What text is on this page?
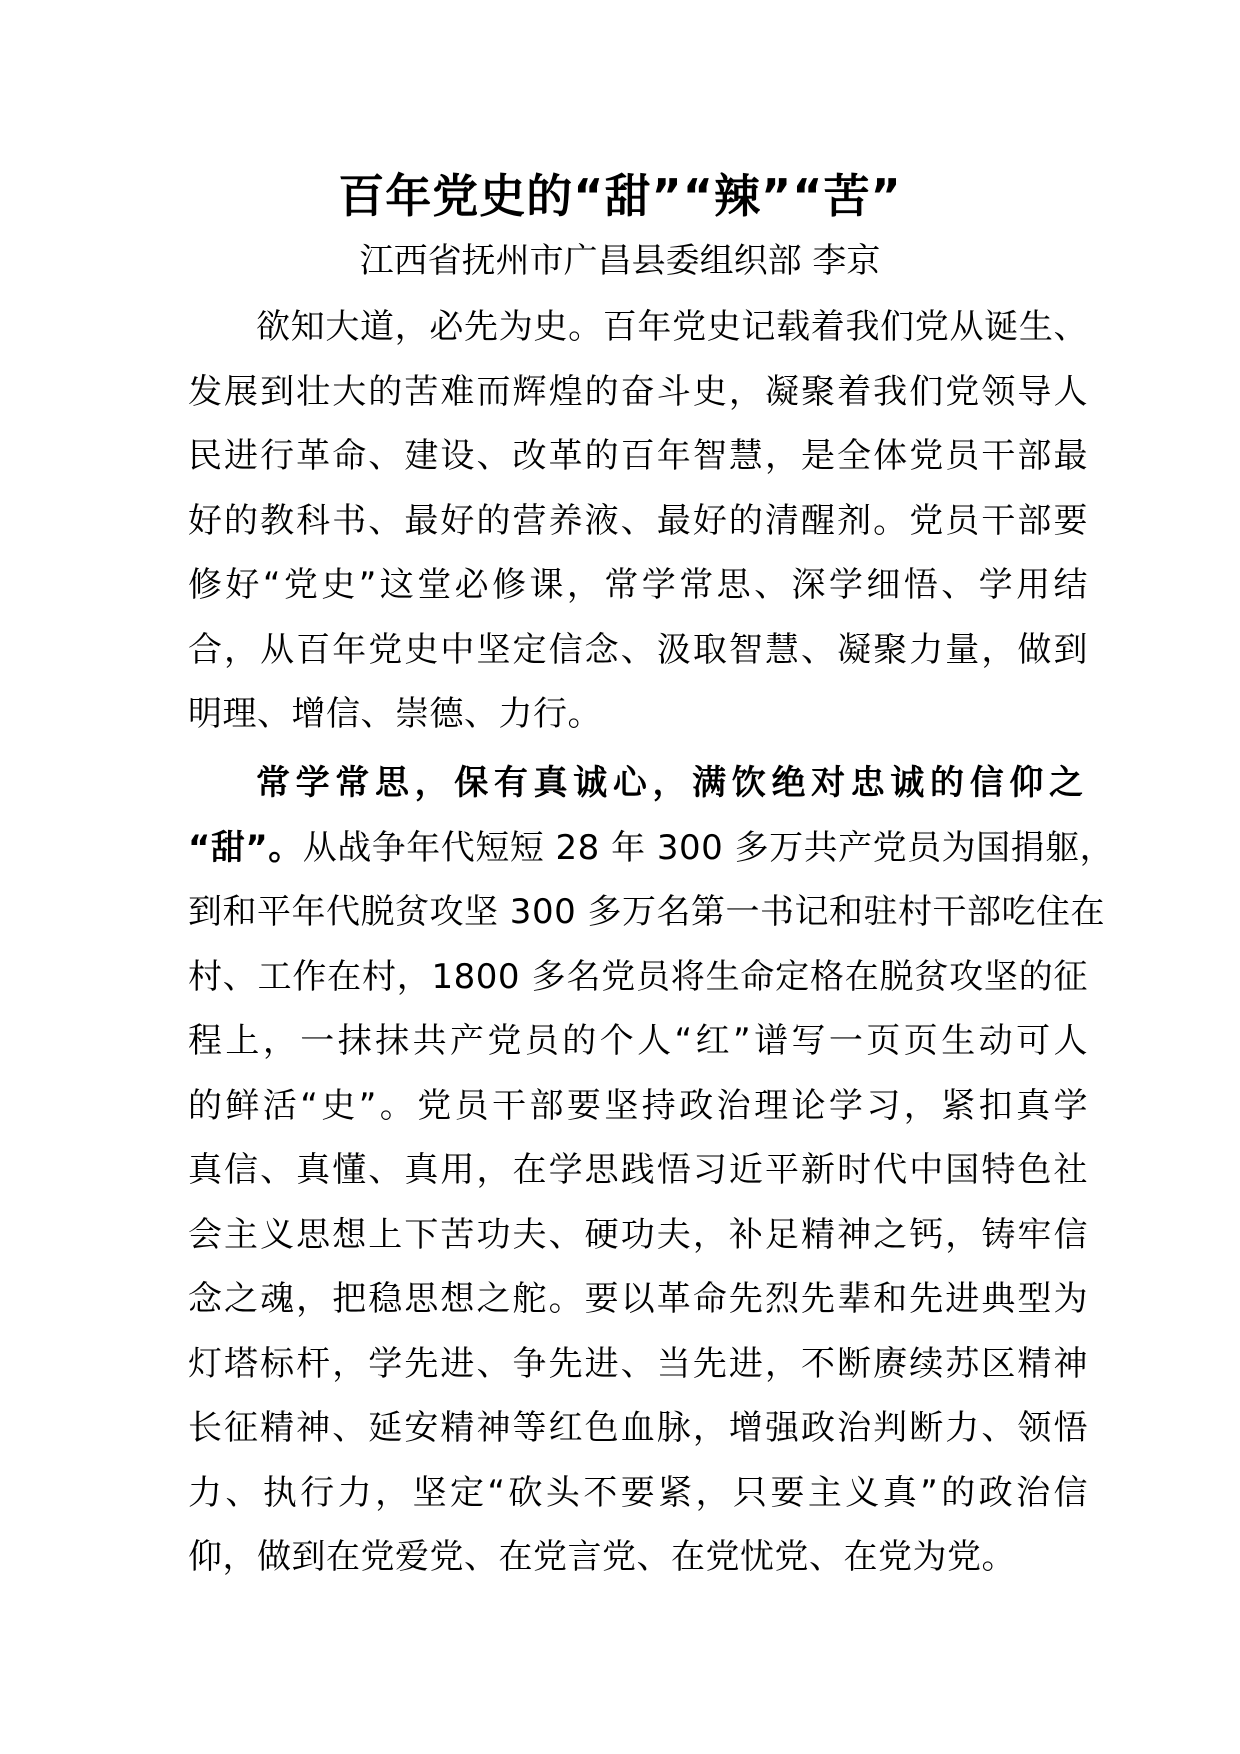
百年党史的“甜”“辣”“苦”
江西省抚州市广昌县委组织部 李京
欲知大道，必先为史。百年党史记载着我们党从诞生、
发展到壮大的苦难而辉煌的奋斗史，凝聚着我们党领导人
民进行革命、建设、改革的百年智慧，是全体党员干部最
好的教科书、最好的营养液、最好的清醒剂。党员干部要
修好“党史”这堂必修课，常学常思、深学细悟、学用结
合，从百年党史中坚定信念、汲取智慧、凝聚力量，做到
明理、增信、崇德、力行。
常学常思，保有真诚心，满饮绝对忠诚的信仰之
“甜”。从战争年代短短 28 年 300 多万共产党员为国捐躯，
到和平年代脱贫攻坚 300 多万名第一书记和驻村干部吃住在
村、工作在村，1800 多名党员将生命定格在脱贫攻坚的征
程上，一抹抹共产党员的个人“红”谱写一页页生动可人
的鲜活“史”。党员干部要坚持政治理论学习，紧扣真学
真信、真懂、真用，在学思践悟习近平新时代中国特色社
会主义思想上下苦功夫、硬功夫，补足精神之钙，铸牢信
念之魂，把稳思想之舵。要以革命先烈先辈和先进典型为
灯塔标杆，学先进、争先进、当先进，不断赓续苏区精神
长征精神、延安精神等红色血脉，增强政治判断力、领悟
力、执行力，坚定“砍头不要紧，只要主义真”的政治信
仰，做到在党爱党、在党言党、在党忧党、在党为党。
